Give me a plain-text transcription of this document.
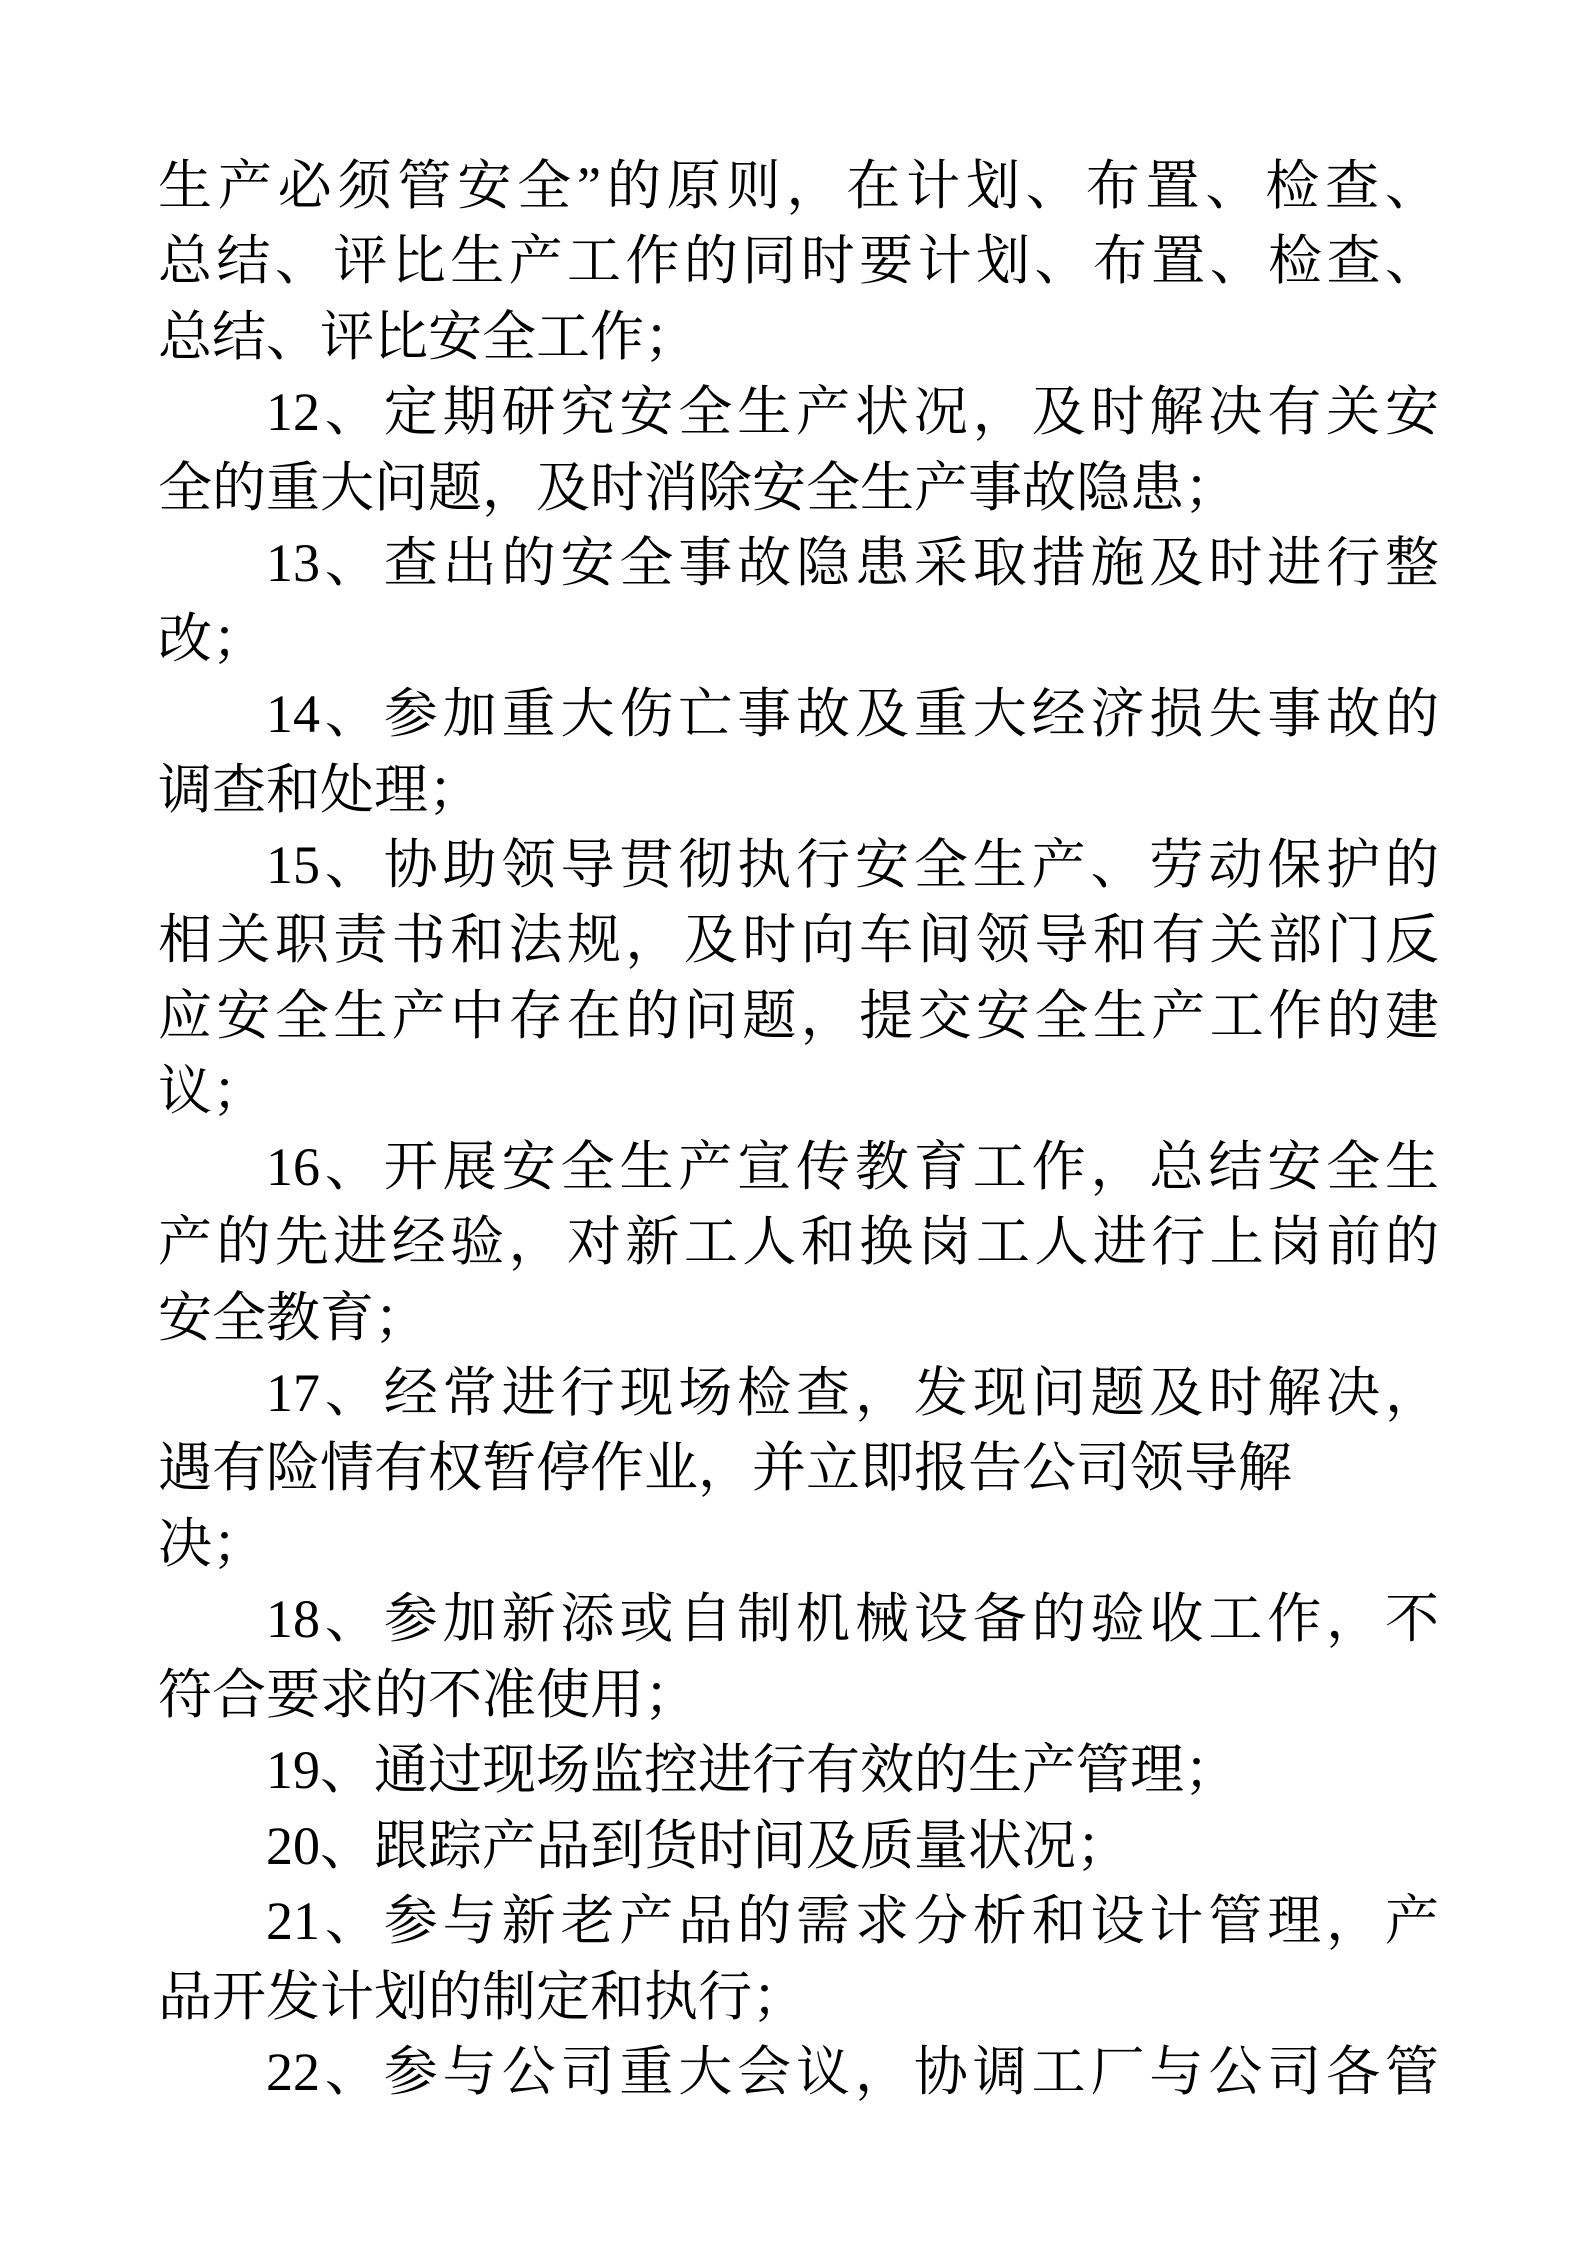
生产必须管安全”的原则，在计划、布置、检查、
总结、评比生产工作的同时要计划、布置、检查、
总结、评比安全工作；
12、定期研究安全生产状况，及时解决有关安
全的重大问题，及时消除安全生产事故隐患；
13、查出的安全事故隐患采取措施及时进行整
改；
14、参加重大伤亡事故及重大经济损失事故的
调查和处理；
15、协助领导贯彻执行安全生产、劳动保护的
相关职责书和法规，及时向车间领导和有关部门反
应安全生产中存在的问题，提交安全生产工作的建
议；
16、开展安全生产宣传教育工作，总结安全生
产的先进经验，对新工人和换岗工人进行上岗前的
安全教育；
17、经常进行现场检查，发现问题及时解决，
遇有险情有权暂停作业，并立即报告公司领导解
决；
18、参加新添或自制机械设备的验收工作，不
符合要求的不准使用；
19、通过现场监控进行有效的生产管理；
20、跟踪产品到货时间及质量状况；
21、参与新老产品的需求分析和设计管理，产
品开发计划的制定和执行；
22、参与公司重大会议，协调工厂与公司各管
